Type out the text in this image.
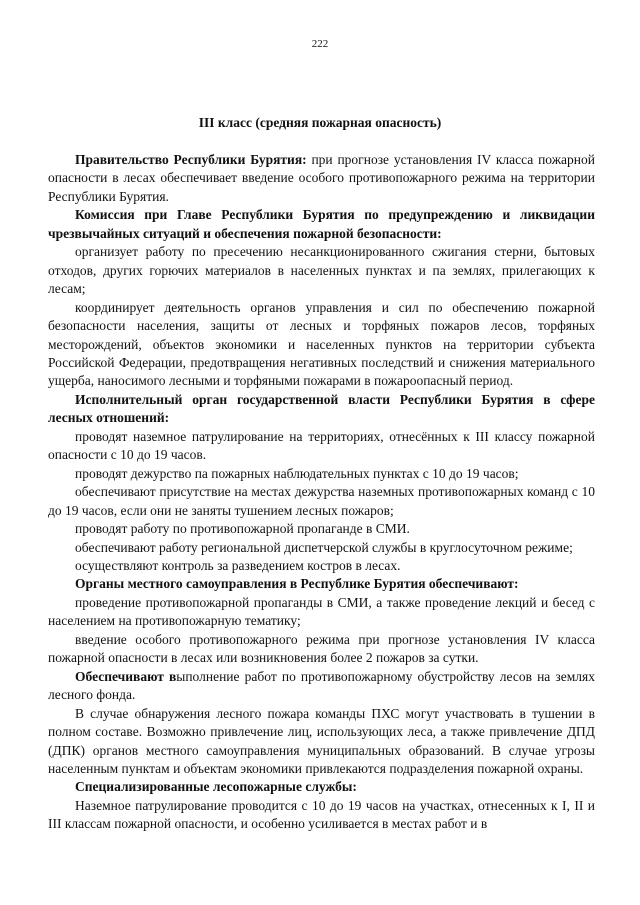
222
III класс (средняя пожарная опасность)

Правительство Республики Бурятия: при прогнозе установления IV класса пожарной опасности в лесах обеспечивает введение особого противопожарного режима на территории Республики Бурятия.

Комиссия при Главе Республики Бурятия по предупреждению и ликвидации чрезвычайных ситуаций и обеспечения пожарной безопасности:

организует работу по пресечению несанкционированного сжигания стерни, бытовых отходов, других горючих материалов в населенных пунктах и па землях, прилегающих к лесам;

координирует деятельность органов управления и сил по обеспечению пожарной безопасности населения, защиты от лесных и торфяных пожаров лесов, торфяных месторождений, объектов экономики и населенных пунктов на территории субъекта Российской Федерации, предотвращения негативных последствий и снижения материального ущерба, наносимого лесными и торфяными пожарами в пожароопасный период.

Исполнительный орган государственной власти Республики Бурятия в сфере лесных отношений:

проводят наземное патрулирование на территориях, отнесённых к III классу пожарной опасности с 10 до 19 часов.

проводят дежурство па пожарных наблюдательных пунктах с 10 до 19 часов;

обеспечивают присутствие на местах дежурства наземных противопожарных команд с 10 до 19 часов, если они не заняты тушением лесных пожаров;

проводят работу по противопожарной пропаганде в СМИ.

обеспечивают работу региональной диспетчерской службы в круглосуточном режиме;

осуществляют контроль за разведением костров в лесах.

Органы местного самоуправления в Республике Бурятия обеспечивают:

проведение противопожарной пропаганды в СМИ, а также проведение лекций и бесед с населением на противопожарную тематику;

введение особого противопожарного режима при прогнозе установления IV класса пожарной опасности в лесах или возникновения более 2 пожаров за сутки.

Обеспечивают выполнение работ по противопожарному обустройству лесов на землях лесного фонда.

В случае обнаружения лесного пожара команды ПХС могут участвовать в тушении в полном составе. Возможно привлечение лиц, использующих леса, а также привлечение ДПД (ДПК) органов местного самоуправления муниципальных образований. В случае угрозы населенным пунктам и объектам экономики привлекаются подразделения пожарной охраны.

Специализированные лесопожарные службы:

Наземное патрулирование проводится с 10 до 19 часов на участках, отнесенных к I, II и III классам пожарной опасности, и особенно усиливается в местах работ и в
